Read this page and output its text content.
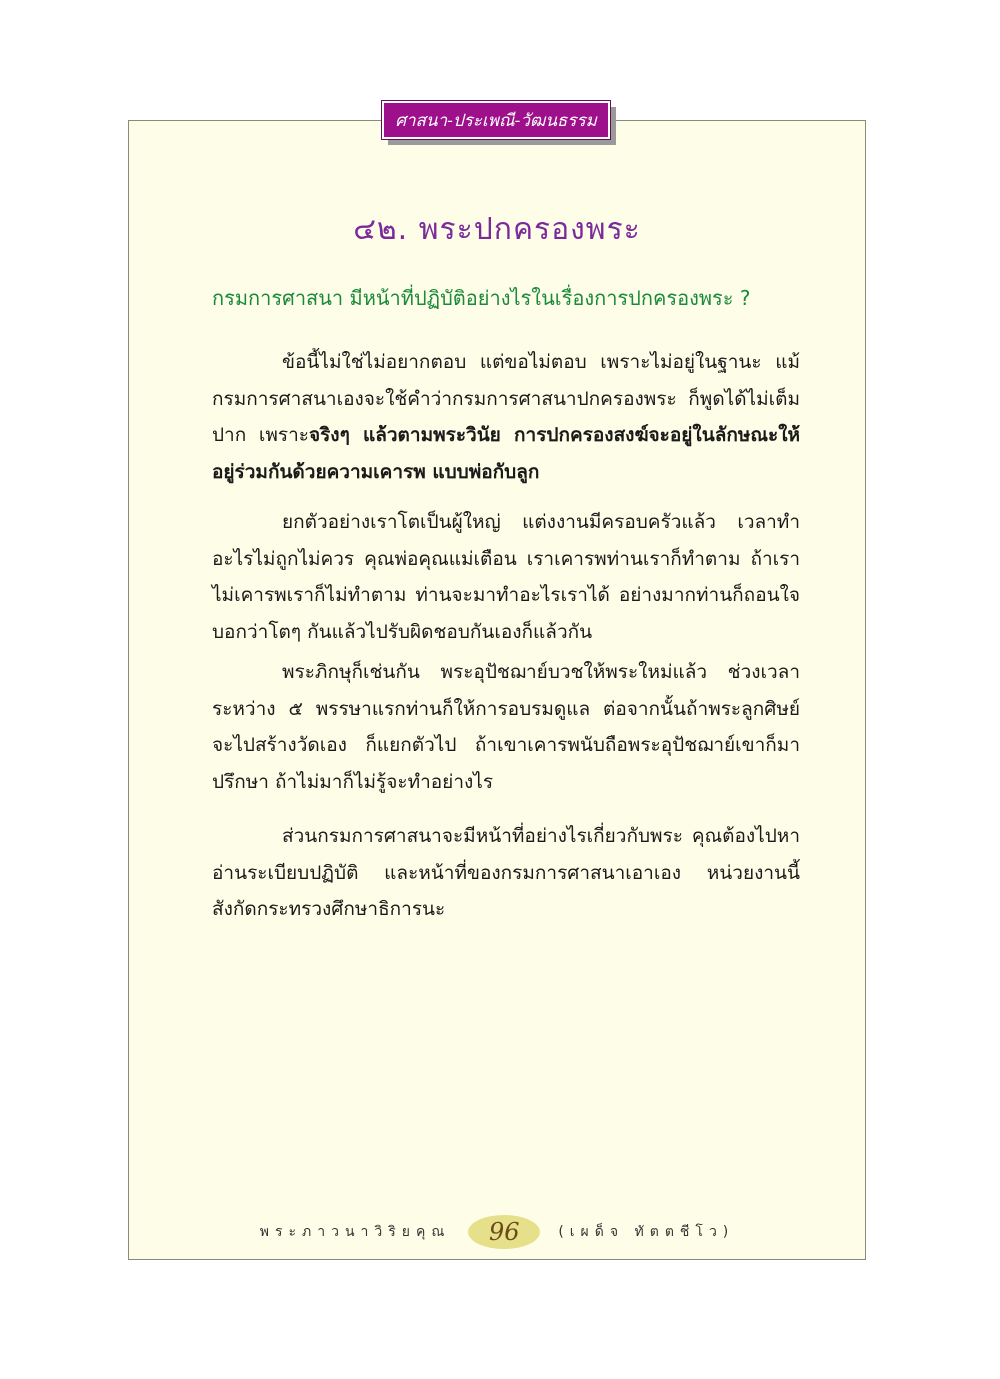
ศาสนา-ประเพณี-วัฒนธรรม
๔๒. พระปกครองพระ
กรมการศาสนา มีหน้าที่ปฏิบัติอย่างไรในเรื่องการปกครองพระ ?

ข้อนี้ไม่ใช่ไม่อยากตอบ แต่ขอไม่ตอบ เพราะไม่อยู่ในฐานะ แม้กรมการศาสนาเองจะใช้คำว่ากรมการศาสนาปกครองพระ ก็พูดได้ไม่เต็มปาก เพราะจริงๆ แล้วตามพระวินัย การปกครองสงฆ์จะอยู่ในลักษณะให้อยู่ร่วมกันด้วยความเคารพ แบบพ่อกับลูก

ยกตัวอย่างเราโตเป็นผู้ใหญ่ แต่งงานมีครอบครัวแล้ว เวลาทำอะไรไม่ถูกไม่ควร คุณพ่อคุณแม่เตือน เราเคารพท่านเราก็ทำตาม ถ้าเราไม่เคารพเราก็ไม่ทำตาม ท่านจะมาทำอะไรเราได้ อย่างมากท่านก็ถอนใจ บอกว่าโตๆ กันแล้วไปรับผิดชอบกันเองก็แล้วกัน

พระภิกษุก็เช่นกัน พระอุปัชฌาย์บวชให้พระใหม่แล้ว ช่วงเวลาระหว่าง ๕ พรรษาแรกท่านก็ให้การอบรมดูแล ต่อจากนั้นถ้าพระลูกศิษย์จะไปสร้างวัดเอง ก็แยกตัวไป ถ้าเขาเคารพนับถือพระอุปัชฌาย์เขาก็มาปรึกษา ถ้าไม่มาก็ไม่รู้จะทำอย่างไร

ส่วนกรมการศาสนาจะมีหน้าที่อย่างไรเกี่ยวกับพระ คุณต้องไปหาอ่านระเบียบปฏิบัติ และหน้าที่ของกรมการศาสนาเอาเอง หน่วยงานนี้สังกัดกระทรวงศึกษาธิการนะ

พระภาวนาวิริยคุณ 96	(เผด็จ ทัตตชีโว)
